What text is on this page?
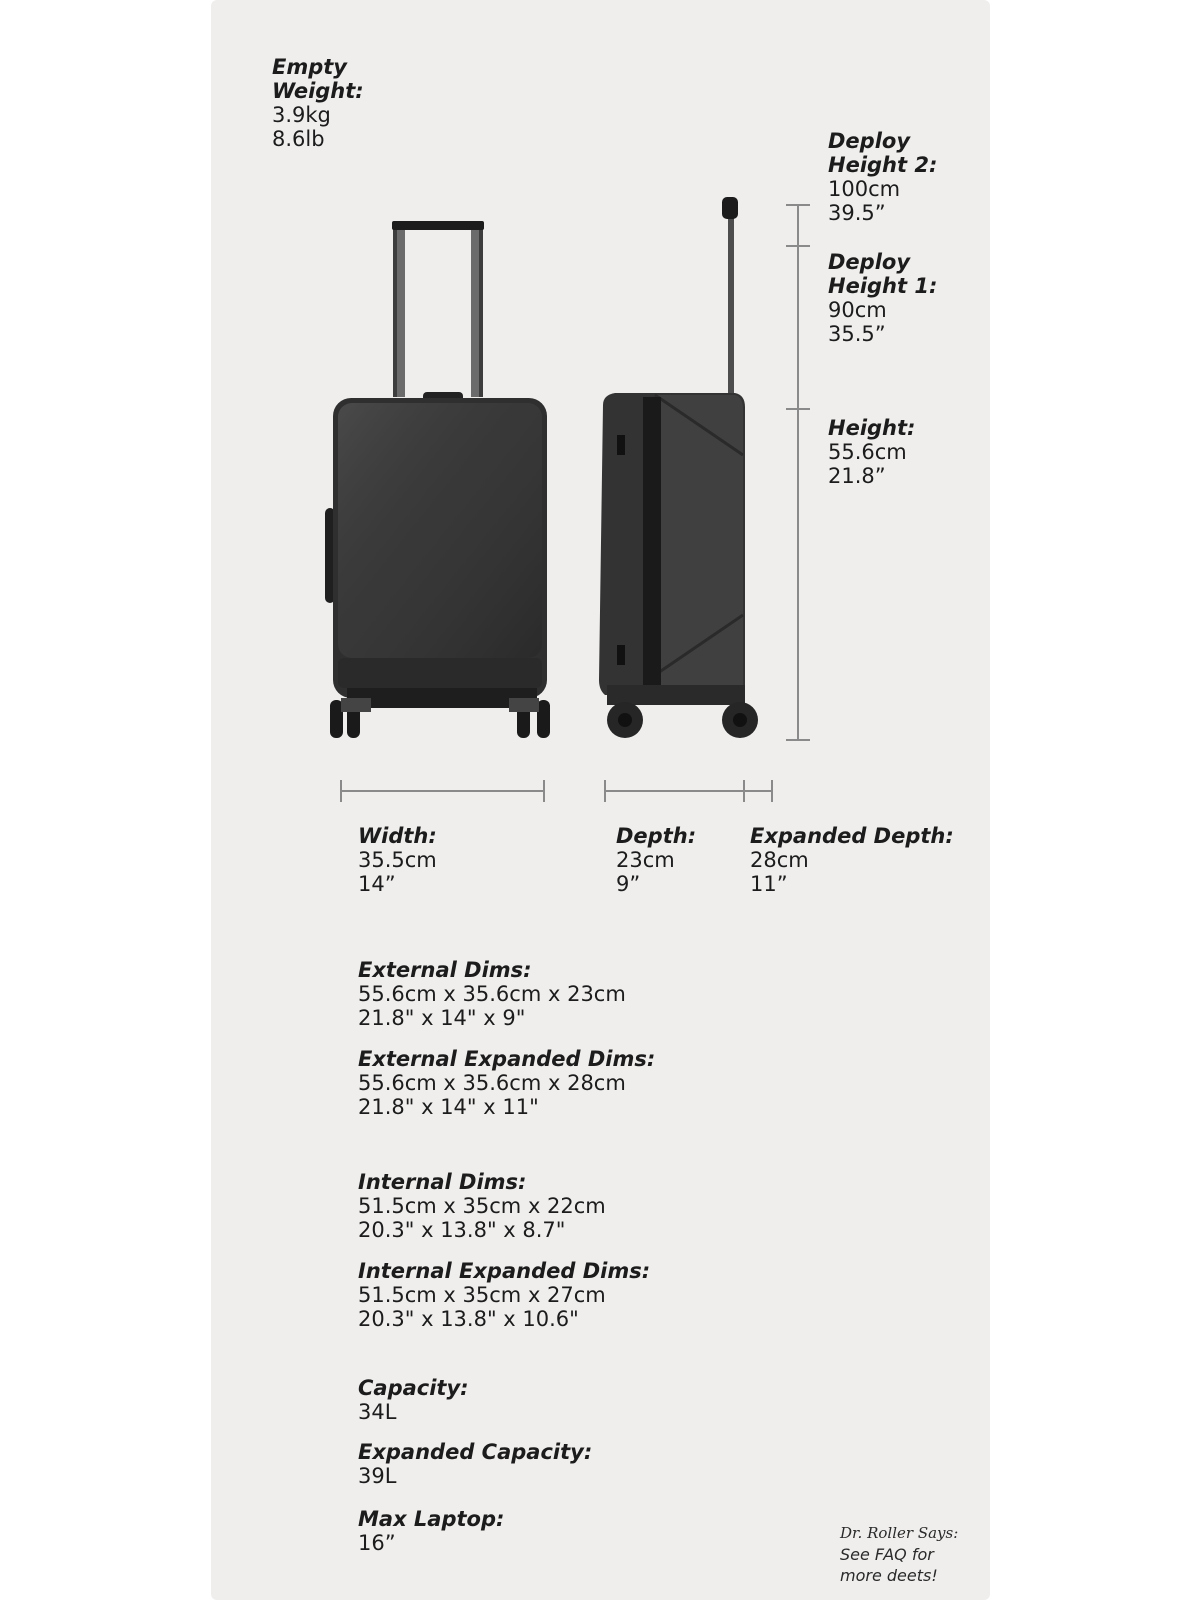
Empty Weight:
3.9kg
8.6lb	Deploy
Height 2:
100cm
39.5”
Deploy
Height 1:
90cm
35.5”
Height:
55.6cm
21.8”
Width:
35.5cm
14”
Depth:
23cm
9”
Expanded Depth:
28cm
11”
External Dims:
55.6cm x 35.6cm x 23cm
21.8" x 14" x 9"
External Expanded Dims:
55.6cm x 35.6cm x 28cm
21.8" x 14" x 11"
Internal Dims:
51.5cm x 35cm x 22cm
20.3" x 13.8" x 8.7"
Internal Expanded Dims:
51.5cm x 35cm x 27cm
20.3" x 13.8" x 10.6"
Capacity:
34L
Expanded Capacity:
39L
Max Laptop:
16”	Dr. Roller Says:
See FAQ for
more deets!
